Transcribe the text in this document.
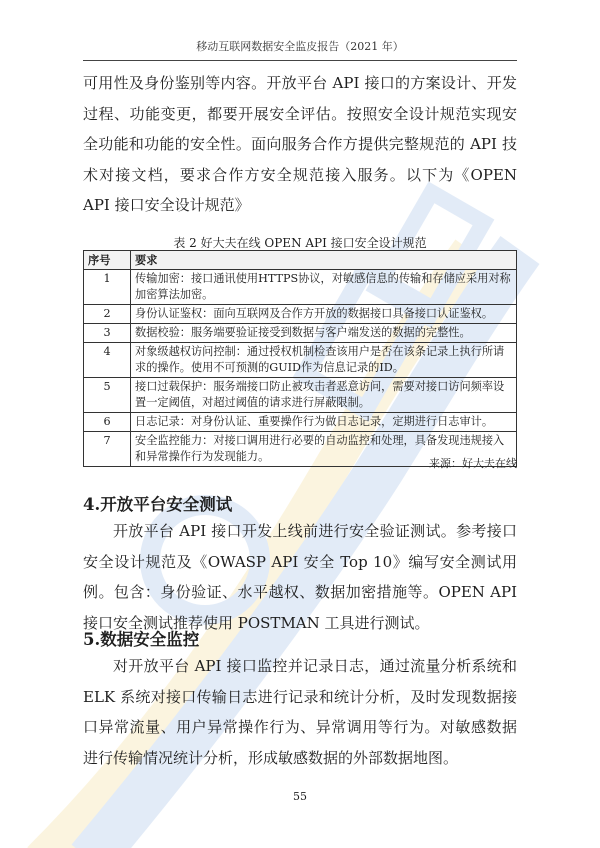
移动互联网数据安全监皮报告（2021 年）
可用性及身份鉴别等内容。开放平台 API 接口的方案设计、开发过程、功能变更，都要开展安全评估。按照安全设计规范实现安全功能和功能的安全性。面向服务合作方提供完整规范的 API 技术对接文档，要求合作方安全规范接入服务。以下为《OPEN API 接口安全设计规范》
表 2 好大夫在线 OPEN API 接口安全设计规范
序号	要求
1	传输加密：接口通讯使用HTTPS协议，对敏感信息的传输和存储应采用对称加密算法加密。
2	身份认证鉴权：面向互联网及合作方开放的数据接口具备接口认证鉴权。
3	数据校验：服务端要验证接受到数据与客户端发送的数据的完整性。
4	对象级越权访问控制：通过授权机制检查该用户是否在该条记录上执行所请求的操作。使用不可预测的GUID作为信息记录的ID。
5	接口过载保护：服务端接口防止被攻击者恶意访问，需要对接口访问频率设置一定阈值，对超过阈值的请求进行屏蔽限制。
6	日志记录：对身份认证、重要操作行为做日志记录，定期进行日志审计。
7	安全监控能力：对接口调用进行必要的自动监控和处理，具备发现违规接入和异常操作行为发现能力。
来源：好大夫在线
4.开放平台安全测试
开放平台 API 接口开发上线前进行安全验证测试。参考接口安全设计规范及《OWASP API 安全 Top 10》编写安全测试用例。包含：身份验证、水平越权、数据加密措施等。OPEN API 接口安全测试推荐使用 POSTMAN 工具进行测试。
5.数据安全监控
对开放平台 API 接口监控并记录日志，通过流量分析系统和 ELK 系统对接口传输日志进行记录和统计分析，及时发现数据接口异常流量、用户异常操作行为、异常调用等行为。对敏感数据进行传输情况统计分析，形成敏感数据的外部数据地图。
55
